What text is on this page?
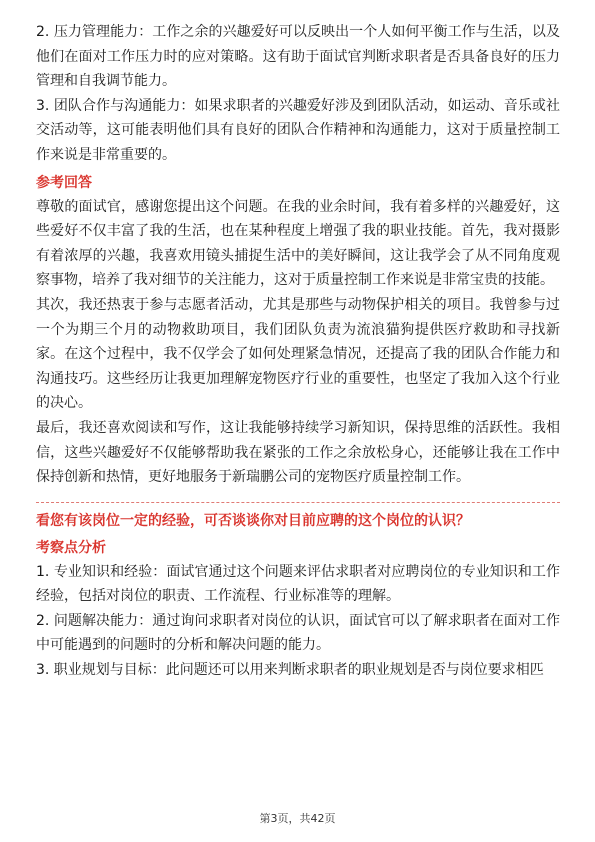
2. 压力管理能力：工作之余的兴趣爱好可以反映出一个人如何平衡工作与生活，以及他们在面对工作压力时的应对策略。这有助于面试官判断求职者是否具备良好的压力管理和自我调节能力。

3. 团队合作与沟通能力：如果求职者的兴趣爱好涉及到团队活动，如运动、音乐或社交活动等，这可能表明他们具有良好的团队合作精神和沟通能力，这对于质量控制工作来说是非常重要的。

参考回答

尊敬的面试官，感谢您提出这个问题。在我的业余时间，我有着多样的兴趣爱好，这些爱好不仅丰富了我的生活，也在某种程度上增强了我的职业技能。首先，我对摄影有着浓厚的兴趣，我喜欢用镜头捕捉生活中的美好瞬间，这让我学会了从不同角度观察事物，培养了我对细节的关注能力，这对于质量控制工作来说是非常宝贵的技能。

其次，我还热衷于参与志愿者活动，尤其是那些与动物保护相关的项目。我曾参与过一个为期三个月的动物救助项目，我们团队负责为流浪猫狗提供医疗救助和寻找新家。在这个过程中，我不仅学会了如何处理紧急情况，还提高了我的团队合作能力和沟通技巧。这些经历让我更加理解宠物医疗行业的重要性，也坚定了我加入这个行业的决心。

最后，我还喜欢阅读和写作，这让我能够持续学习新知识，保持思维的活跃性。我相信，这些兴趣爱好不仅能够帮助我在紧张的工作之余放松身心，还能够让我在工作中保持创新和热情，更好地服务于新瑞鹏公司的宠物医疗质量控制工作。

看您有该岗位一定的经验，可否谈谈你对目前应聘的这个岗位的认识？
考察点分析

1. 专业知识和经验：面试官通过这个问题来评估求职者对应聘岗位的专业知识和工作经验，包括对岗位的职责、工作流程、行业标准等的理解。

2. 问题解决能力：通过询问求职者对岗位的认识，面试官可以了解求职者在面对工作中可能遇到的问题时的分析和解决问题的能力。

3. 职业规划与目标：此问题还可以用来判断求职者的职业规划是否与岗位要求相匹

第3页，共42页
